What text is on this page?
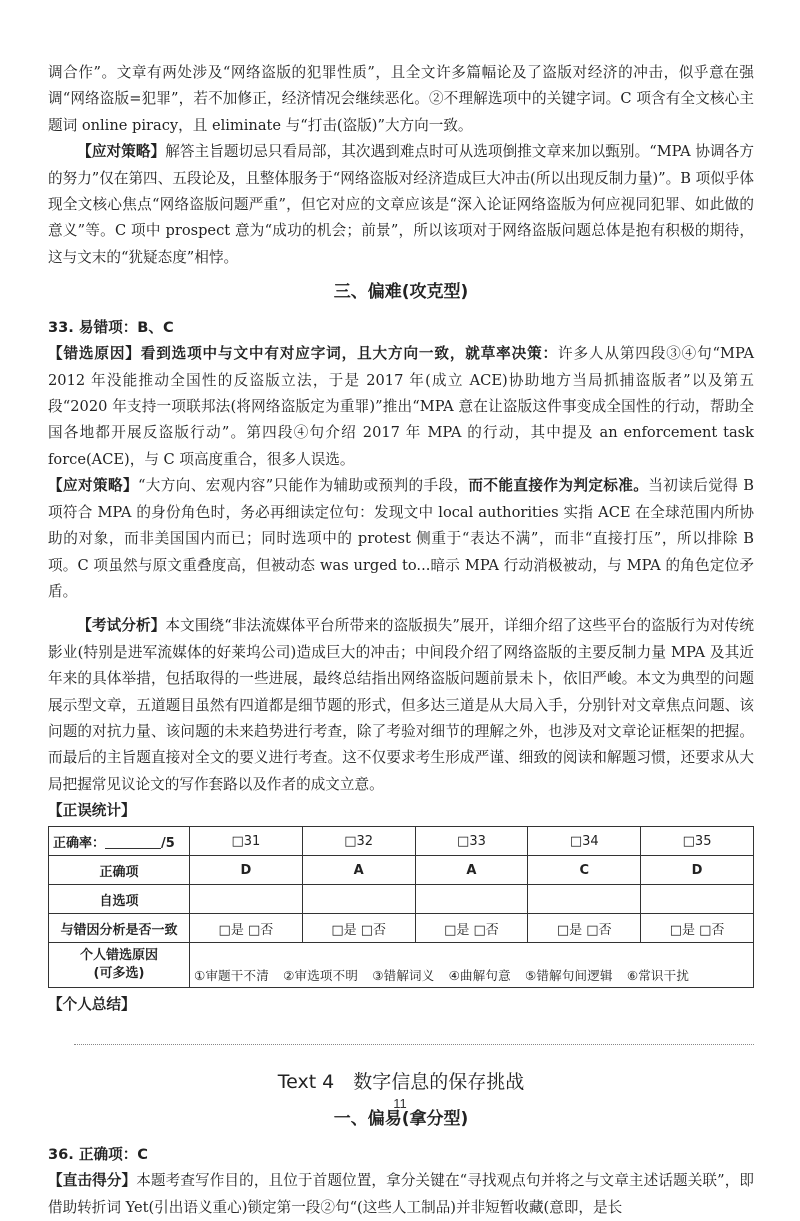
调合作”。文章有两处涉及“网络盗版的犯罪性质”，且全文许多篇幅论及了盗版对经济的冲击，似乎意在强调“网络盗版=犯罪”，若不加修正，经济情况会继续恶化。②不理解选项中的关键字词。C 项含有全文核心主题词 online piracy，且 eliminate 与“打击(盗版)”大方向一致。

【应对策略】解答主旨题切忌只看局部，其次遇到难点时可从选项倒推文章来加以甄别。“MPA 协调各方的努力”仅在第四、五段论及，且整体服务于“网络盗版对经济造成巨大冲击(所以出现反制力量)”。B 项似乎体现全文核心焦点“网络盗版问题严重”，但它对应的文章应该是“深入论证网络盗版为何应视同犯罪、如此做的意义”等。C 项中 prospect 意为“成功的机会；前景”，所以该项对于网络盗版问题总体是抱有积极的期待，这与文末的“犹疑态度”相悖。

三、偏难(攻克型)

33. 易错项：B、C

【错选原因】看到选项中与文中有对应字词，且大方向一致，就草率决策：许多人从第四段③④句“MPA 2012 年没能推动全国性的反盗版立法，于是 2017 年(成立 ACE)协助地方当局抓捕盗版者”以及第五段“2020 年支持一项联邦法(将网络盗版定为重罪)”推出“MPA 意在让盗版这件事变成全国性的行动，帮助全国各地都开展反盗版行动”。第四段④句介绍 2017 年 MPA 的行动，其中提及 an enforcement task force(ACE)，与 C 项高度重合，很多人误选。

【应对策略】“大方向、宏观内容”只能作为辅助或预判的手段，而不能直接作为判定标准。当初读后觉得 B 项符合 MPA 的身份角色时，务必再细读定位句：发现文中 local authorities 实指 ACE 在全球范围内所协助的对象，而非美国国内而已；同时选项中的 protest 侧重于“表达不满”，而非“直接打压”，所以排除 B 项。C 项虽然与原文重叠度高，但被动态 was urged to...暗示 MPA 行动消极被动，与 MPA 的角色定位矛盾。

【考试分析】本文围绕“非法流媒体平台所带来的盗版损失”展开，详细介绍了这些平台的盗版行为对传统影业(特别是进军流媒体的好莱坞公司)造成巨大的冲击；中间段介绍了网络盗版的主要反制力量 MPA 及其近年来的具体举措，包括取得的一些进展，最终总结指出网络盗版问题前景未卜，依旧严峻。本文为典型的问题展示型文章，五道题目虽然有四道都是细节题的形式，但多达三道是从大局入手，分别针对文章焦点问题、该问题的对抗力量、该问题的未来趋势进行考查，除了考验对细节的理解之外，也涉及对文章论证框架的把握。而最后的主旨题直接对全文的要义进行考查。这不仅要求考生形成严谨、细致的阅读和解题习惯，还要求从大局把握常见议论文的写作套路以及作者的成文立意。

【正误统计】

正确率： /5	□31	□32	□33	□34	□35
正确项	D	A	A	C	D
自选项					
与错因分析是否一致	□是 □否	□是 □否	□是 □否	□是 □否	□是 □否
个人错选原因
(可多选)	①审题干不清 ②审选项不明 ③错解词义 ④曲解句意 ⑤错解句间逻辑 ⑥常识干扰				

【个人总结】

Text 4　数字信息的保存挑战
一、偏易(拿分型)

36. 正确项：C

【直击得分】本题考查写作目的，且位于首题位置，拿分关键在“寻找观点句并将之与文章主述话题关联”，即借助转折词 Yet(引出语义重心)锁定第一段②句“(这些人工制品)并非短暂收藏(意即，是长

11
